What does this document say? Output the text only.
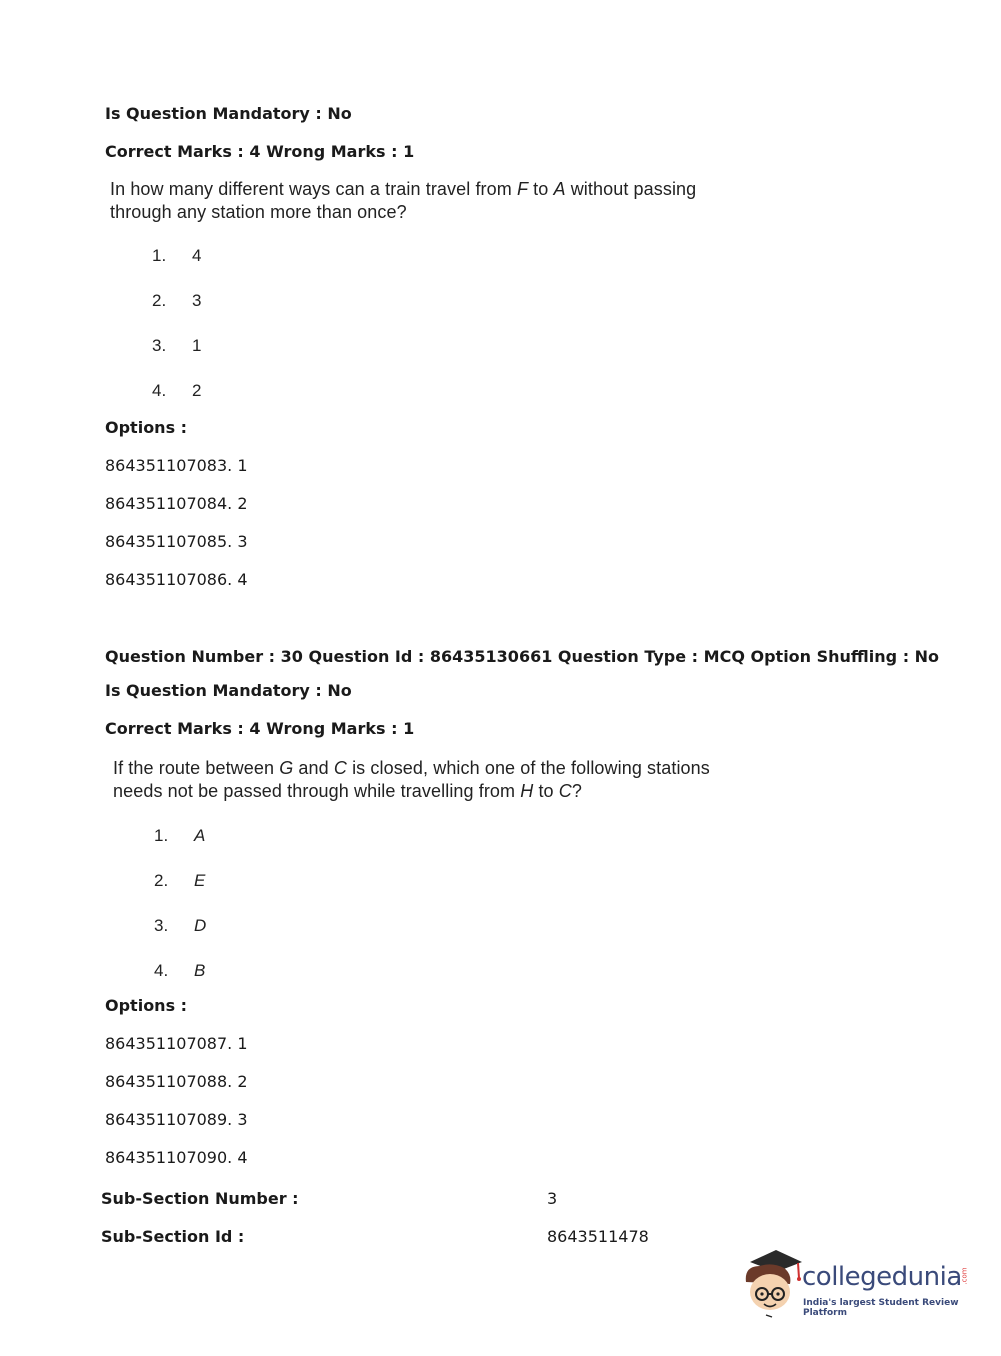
Is Question Mandatory : No
Correct Marks : 4 Wrong Marks : 1
In how many different ways can a train travel from F to A without passing
through any station more than once?
1. 4
2. 3
3. 1
4. 2
Options :
864351107083. 1
864351107084. 2
864351107085. 3
864351107086. 4
Question Number : 30 Question Id : 86435130661 Question Type : MCQ Option Shuffling : No
Is Question Mandatory : No
Correct Marks : 4 Wrong Marks : 1
If the route between G and C is closed, which one of the following stations
needs not be passed through while travelling from H to C?
1. A
2. E
3. D
4. B
Options :
864351107087. 1
864351107088. 2
864351107089. 3
864351107090. 4
Sub-Section Number :	3
Sub-Section Id :	8643511478
collegedunia
.com
India's largest Student Review Platform
